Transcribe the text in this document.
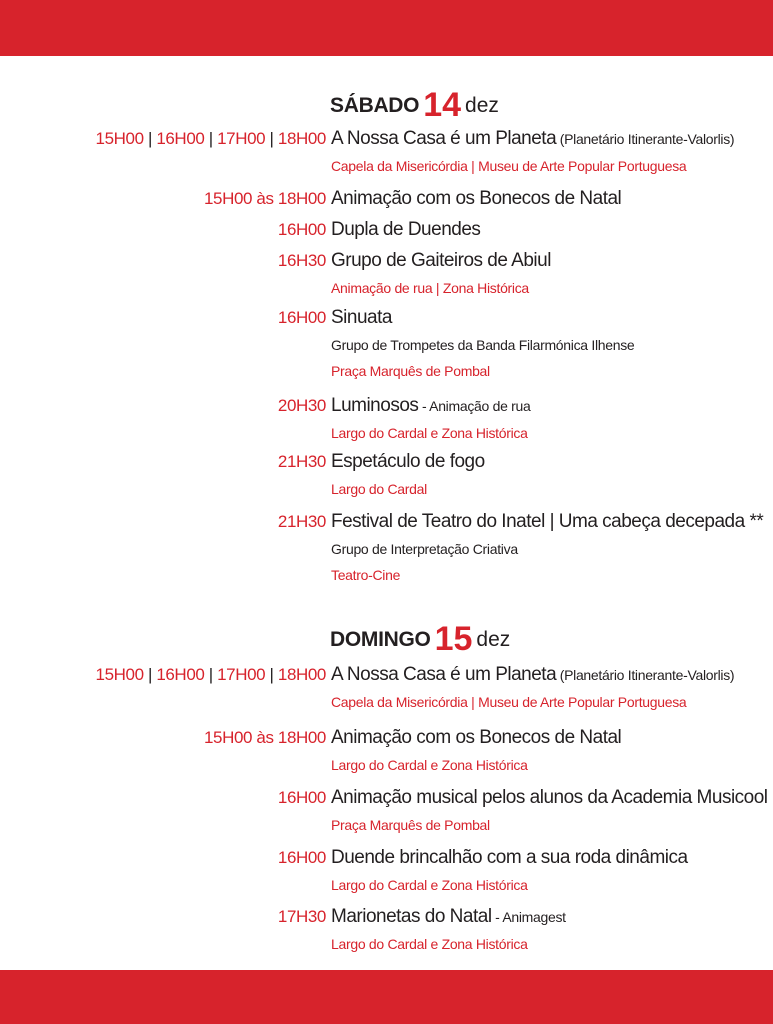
SÁBADO 14 dez
15H00 | 16H00 | 17H00 | 18H00 A Nossa Casa é um Planeta (Planetário Itinerante-Valorlis)
Capela da Misericórdia | Museu de Arte Popular Portuguesa
15H00 às 18H00 Animação com os Bonecos de Natal
16H00 Dupla de Duendes
16H30 Grupo de Gaiteiros de Abiul
Animação de rua | Zona Histórica
16H00 Sinuata
Grupo de Trompetes da Banda Filarmónica Ilhense
Praça Marquês de Pombal
20H30 Luminosos - Animação de rua
Largo do Cardal e Zona Histórica
21H30 Espetáculo de fogo
Largo do Cardal
21H30 Festival de Teatro do Inatel | Uma cabeça decepada **
Grupo de Interpretação Criativa
Teatro-Cine
DOMINGO 15 dez
15H00 | 16H00 | 17H00 | 18H00 A Nossa Casa é um Planeta (Planetário Itinerante-Valorlis)
Capela da Misericórdia | Museu de Arte Popular Portuguesa
15H00 às 18H00 Animação com os Bonecos de Natal
Largo do Cardal e Zona Histórica
16H00 Animação musical pelos alunos da Academia Musicool
Praça Marquês de Pombal
16H00 Duende brincalhão com a sua roda dinâmica
Largo do Cardal e Zona Histórica
17H30 Marionetas do Natal - Animagest
Largo do Cardal e Zona Histórica
